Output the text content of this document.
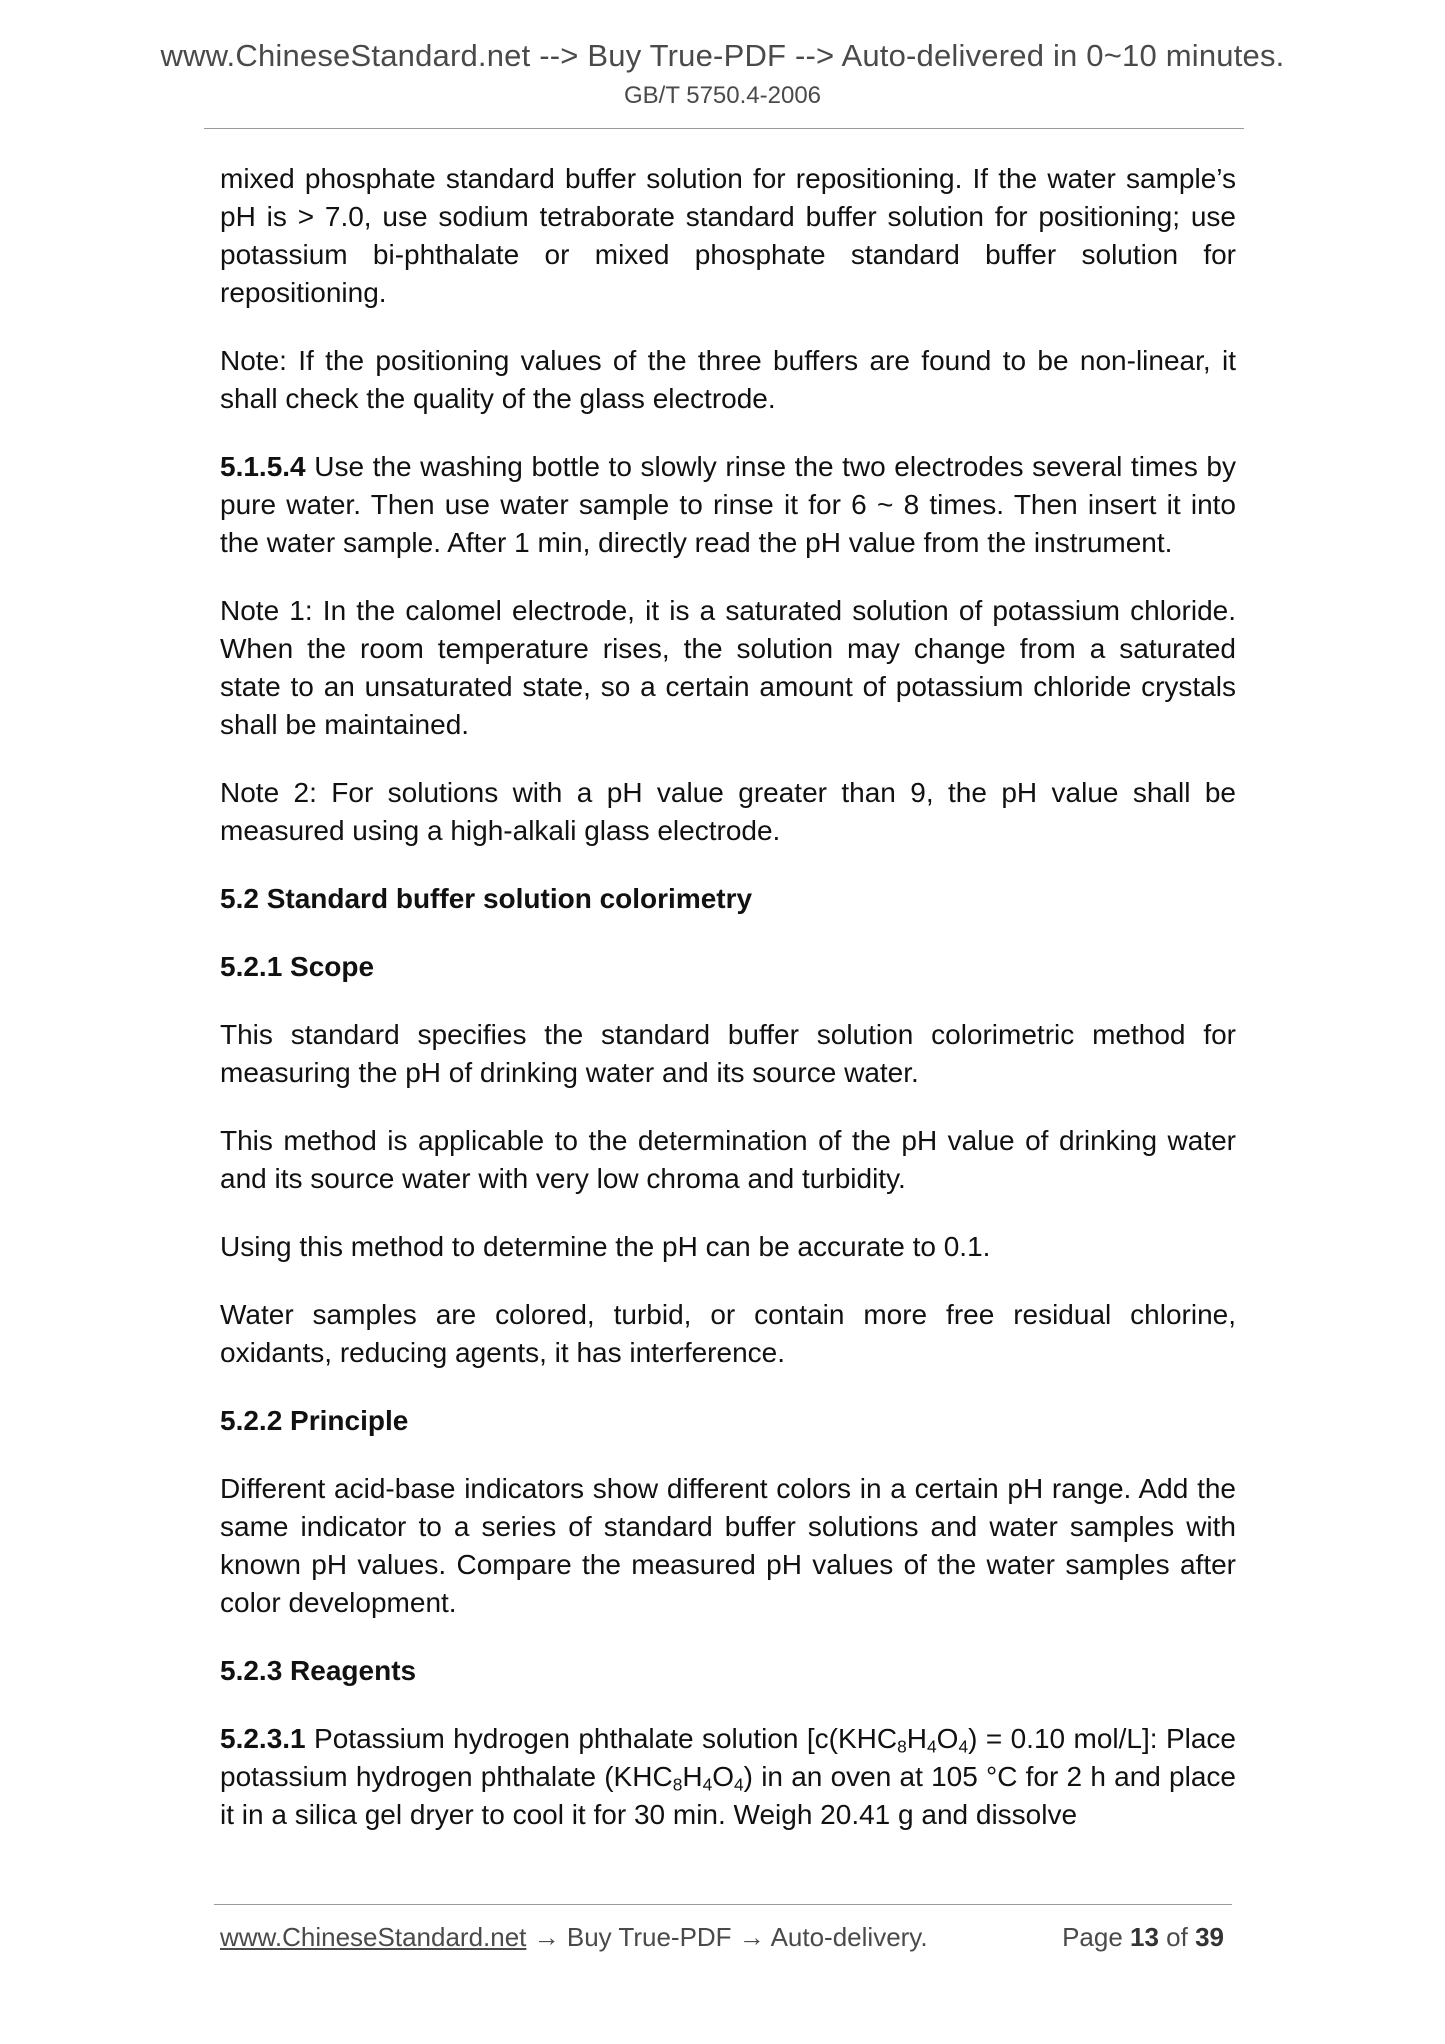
www.ChineseStandard.net --> Buy True-PDF --> Auto-delivered in 0~10 minutes.
GB/T 5750.4-2006

mixed phosphate standard buffer solution for repositioning. If the water sample’s pH is > 7.0, use sodium tetraborate standard buffer solution for positioning; use potassium bi-phthalate or mixed phosphate standard buffer solution for repositioning.

Note: If the positioning values of the three buffers are found to be non-linear, it shall check the quality of the glass electrode.

5.1.5.4 Use the washing bottle to slowly rinse the two electrodes several times by pure water. Then use water sample to rinse it for 6 ~ 8 times. Then insert it into the water sample. After 1 min, directly read the pH value from the instrument.

Note 1: In the calomel electrode, it is a saturated solution of potassium chloride. When the room temperature rises, the solution may change from a saturated state to an unsaturated state, so a certain amount of potassium chloride crystals shall be maintained.

Note 2: For solutions with a pH value greater than 9, the pH value shall be measured using a high-alkali glass electrode.

5.2 Standard buffer solution colorimetry

5.2.1 Scope

This standard specifies the standard buffer solution colorimetric method for measuring the pH of drinking water and its source water.

This method is applicable to the determination of the pH value of drinking water and its source water with very low chroma and turbidity.

Using this method to determine the pH can be accurate to 0.1.

Water samples are colored, turbid, or contain more free residual chlorine, oxidants, reducing agents, it has interference.

5.2.2 Principle

Different acid-base indicators show different colors in a certain pH range. Add the same indicator to a series of standard buffer solutions and water samples with known pH values. Compare the measured pH values of the water samples after color development.

5.2.3 Reagents

5.2.3.1 Potassium hydrogen phthalate solution [$c(KHC_8H_4O_4) = 0.10$ mol/L]: Place potassium hydrogen phthalate $(KHC_8H_4O_4)$ in an oven at 105 °C for 2 h and place it in a silica gel dryer to cool it for 30 min. Weigh 20.41 g and dissolve

www.ChineseStandard.net → Buy True-PDF → Auto-delivery.	Page 13 of 39
